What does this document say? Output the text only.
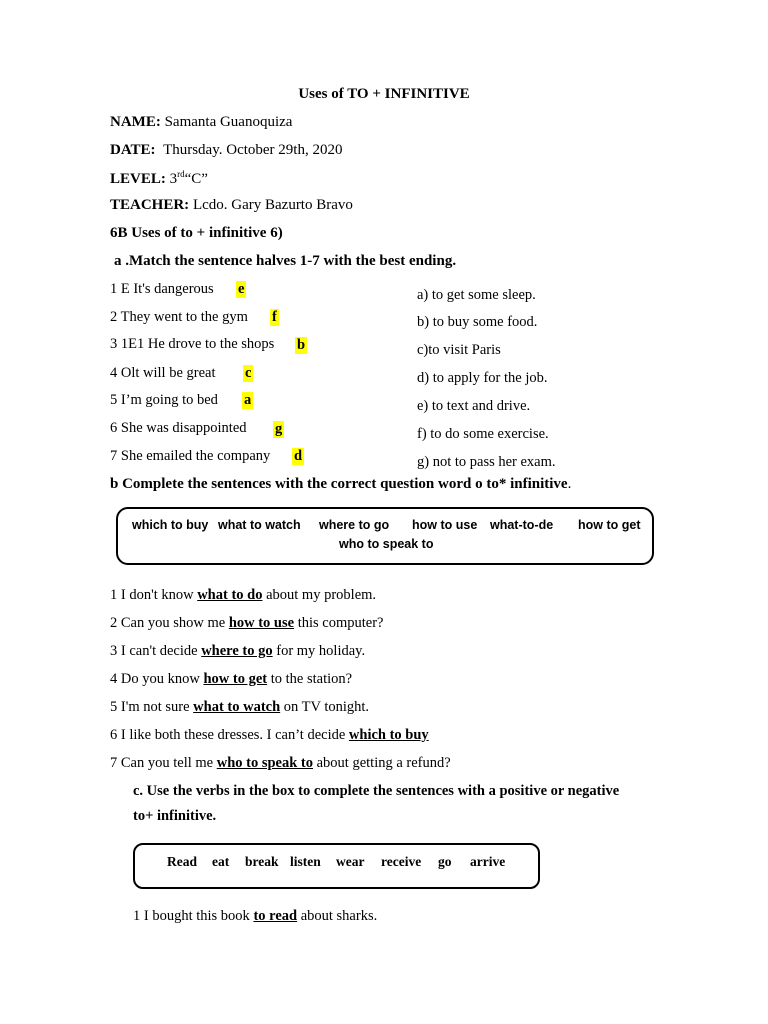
Uses of TO + INFINITIVE
NAME: Samanta Guanoquiza
DATE: Thursday. October 29th, 2020
LEVEL: 3rd“C”
TEACHER: Lcdo. Gary Bazurto Bravo
6B Uses of to + infinitive 6)
a .Match the sentence halves 1-7 with the best ending.
1 E It's dangerous e
2 They went to the gym f
3 1E1 He drove to the shops b
4 Olt will be great c
5 I’m going to bed a
6 She was disappointed g
7 She emailed the company d
a) to get some sleep.
b) to buy some food.
c)to visit Paris
d) to apply for the job.
e) to text and drive.
f) to do some exercise.
g) not to pass her exam.
b Complete the sentences with the correct question word o to* infinitive.
which to buy what to watch where to go how to use what-to-de how to get
who to speak to
1 I don't know what to do about my problem.
2 Can you show me how to use this computer?
3 I can't decide where to go for my holiday.
4 Do you know how to get to the station?
5 I'm not sure what to watch on TV tonight.
6 I like both these dresses. I can’t decide which to buy
7 Can you tell me who to speak to about getting a refund?
c. Use the verbs in the box to complete the sentences with a positive or negative
to+ infinitive.
Read eat break listen wear receive go arrive
1 I bought this book to read about sharks.
